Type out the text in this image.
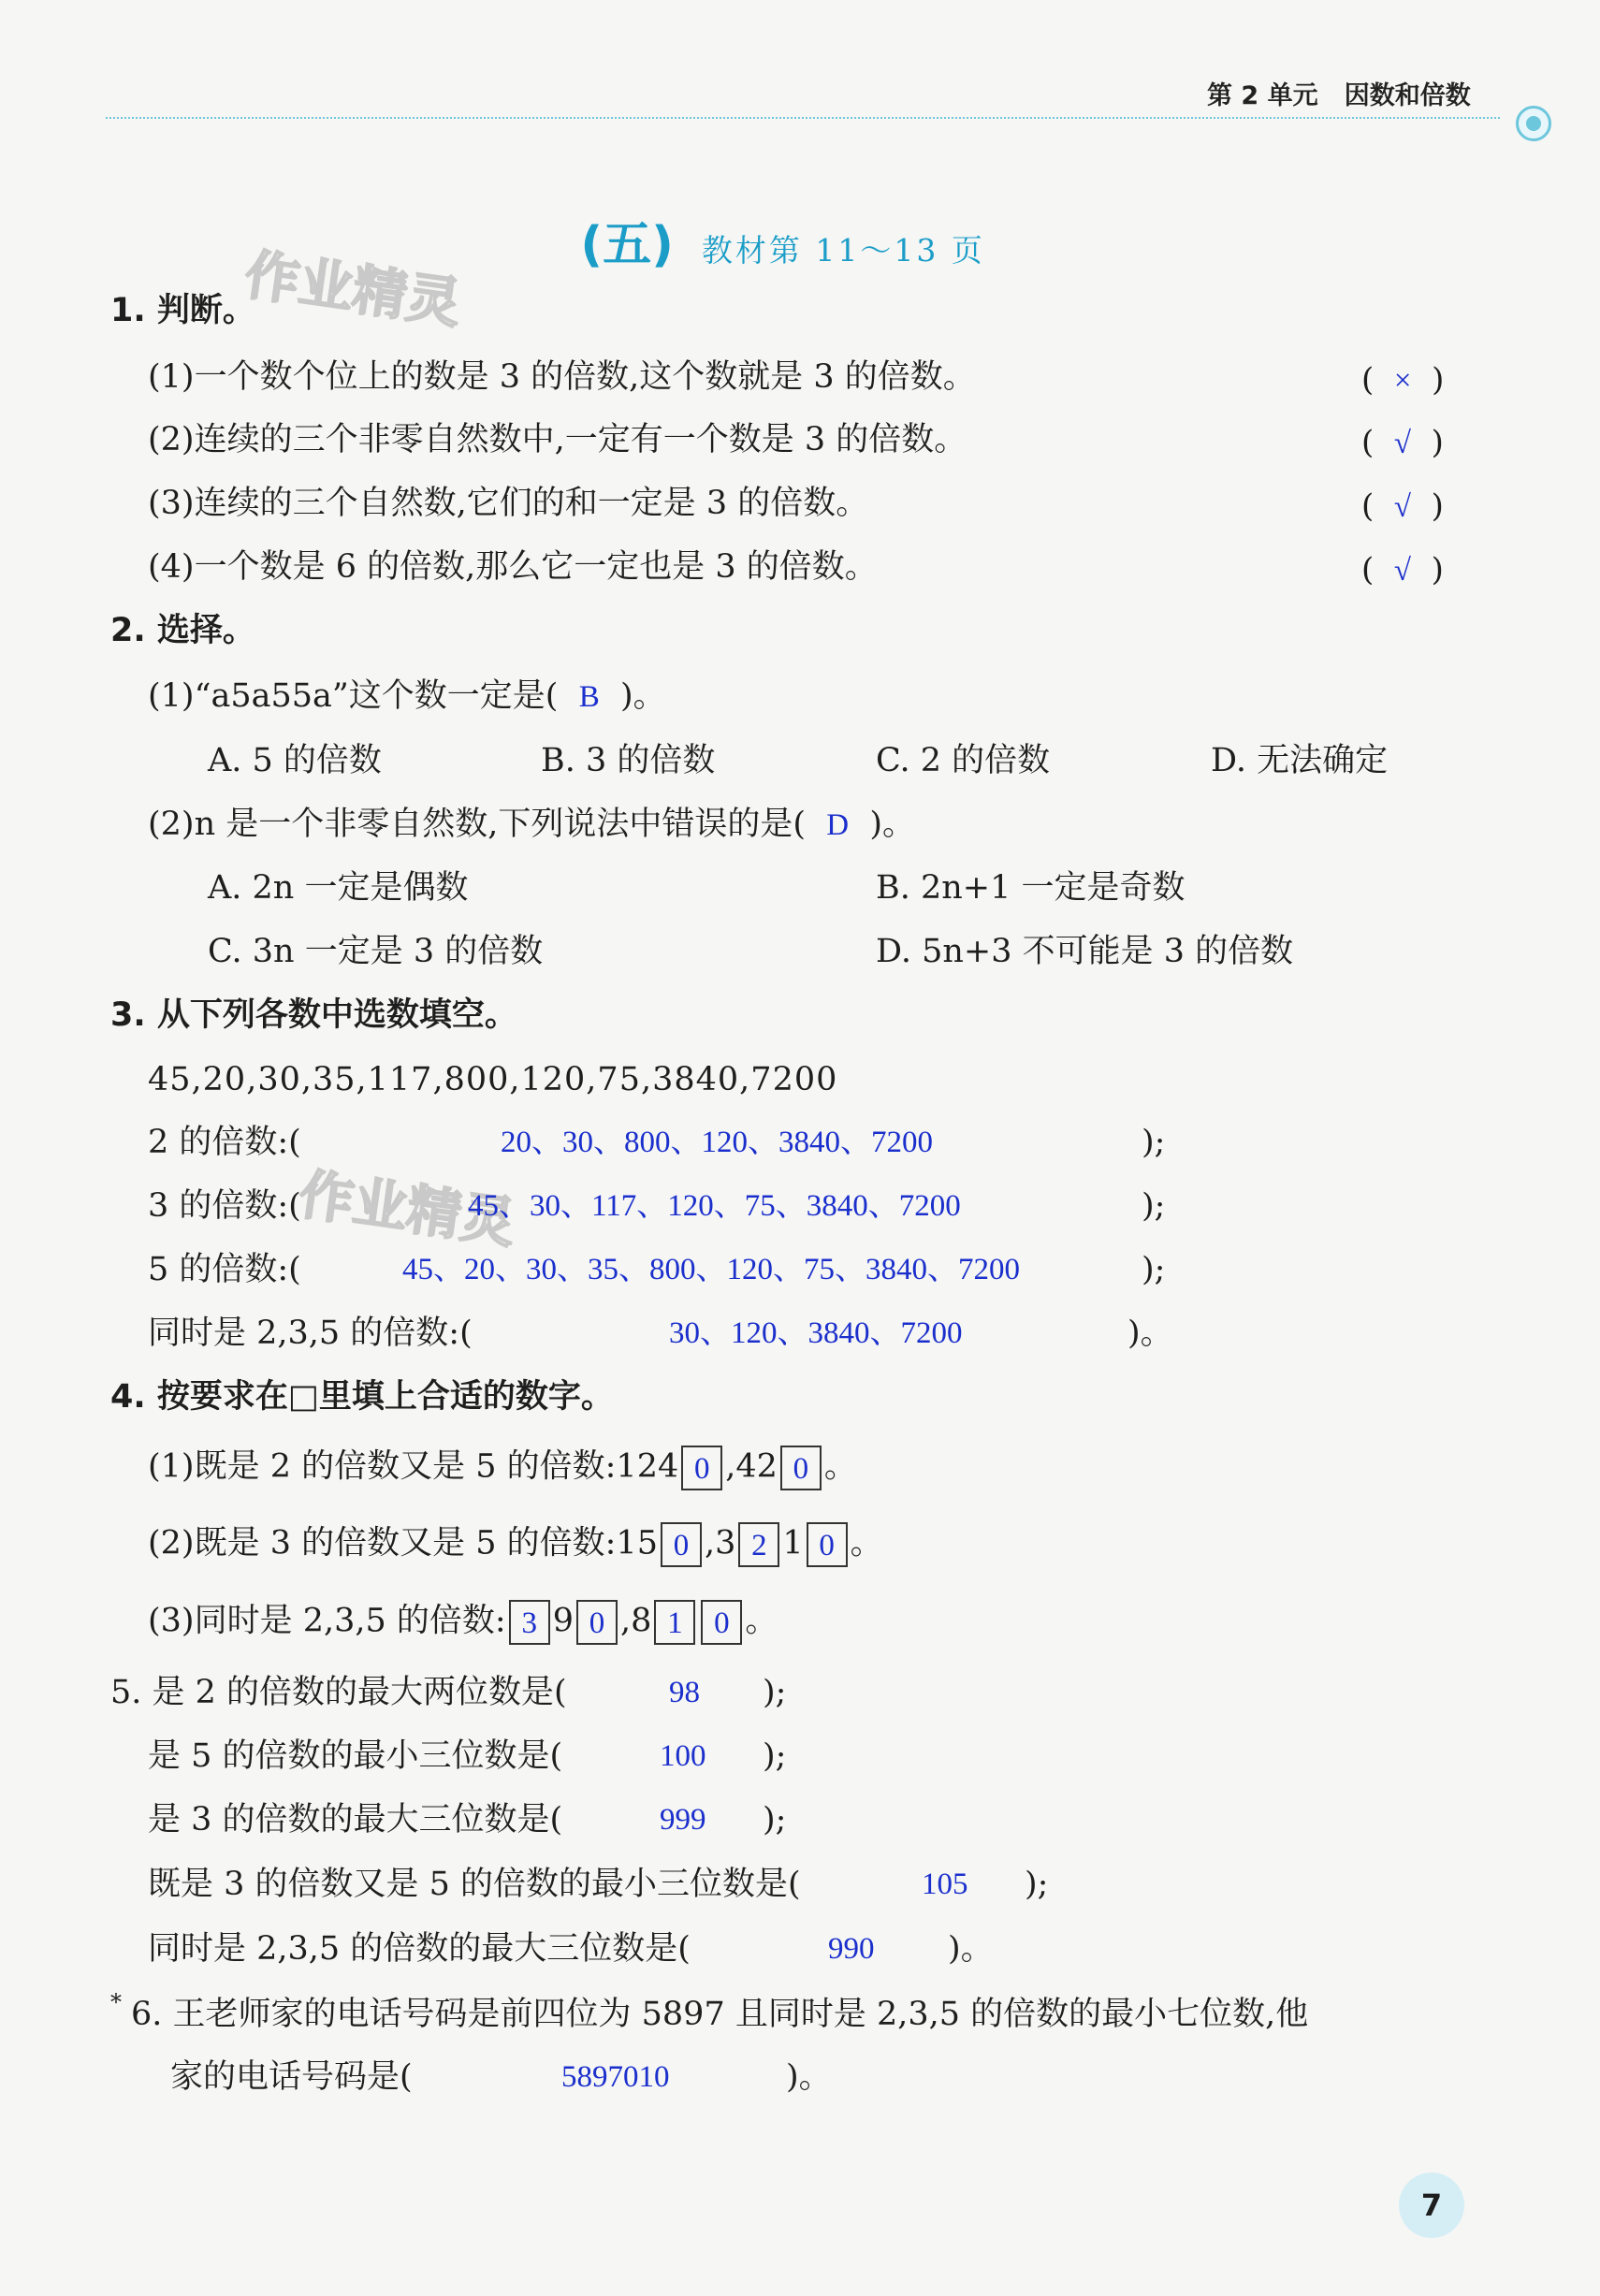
第 2 单元   因数和倍数

(五) 教材第 11～13 页

作业精灵
作业精灵
1. 判断。
(1)一个数个位上的数是 3 的倍数,这个数就是 3 的倍数。	(  ×  )
(2)连续的三个非零自然数中,一定有一个数是 3 的倍数。	(  √  )
(3)连续的三个自然数,它们的和一定是 3 的倍数。	(  √  )
(4)一个数是 6 的倍数,那么它一定也是 3 的倍数。	(  √  )
2. 选择。
(1)“a5a55a”这个数一定是( B )。
A. 5 的倍数	B. 3 的倍数	C. 2 的倍数	D. 无法确定
(2)n 是一个非零自然数,下列说法中错误的是( D )。
A. 2n 一定是偶数	B. 2n+1 一定是奇数
C. 3n 一定是 3 的倍数	D. 5n+3 不可能是 3 的倍数
3. 从下列各数中选数填空。
45,20,30,35,117,800,120,75,3840,7200
2 的倍数:(	20、30、800、120、3840、7200	);
3 的倍数:(	45、30、117、120、75、3840、7200	);
5 的倍数:(	45、20、30、35、800、120、75、3840、7200	);
同时是 2,3,5 的倍数:(	30、120、3840、7200	)。
4. 按要求在□里填上合适的数字。
(1)既是 2 的倍数又是 5 的倍数:124 0 ,42 0 。
(2)既是 3 的倍数又是 5 的倍数:15 0 ,3 2 1 0 。
(3)同时是 2,3,5 的倍数: 3 9 0 ,8 1 0 。
5. 是 2 的倍数的最大两位数是(	98 );
是 5 的倍数的最小三位数是(	100 );
是 3 的倍数的最大三位数是(	999 );
既是 3 的倍数又是 5 的倍数的最小三位数是(	105 );
同时是 2,3,5 的倍数的最大三位数是(	990 )。
* 6. 王老师家的电话号码是前四位为 5897 且同时是 2,3,5 的倍数的最小七位数,他
家的电话号码是(	5897010	)。
7
